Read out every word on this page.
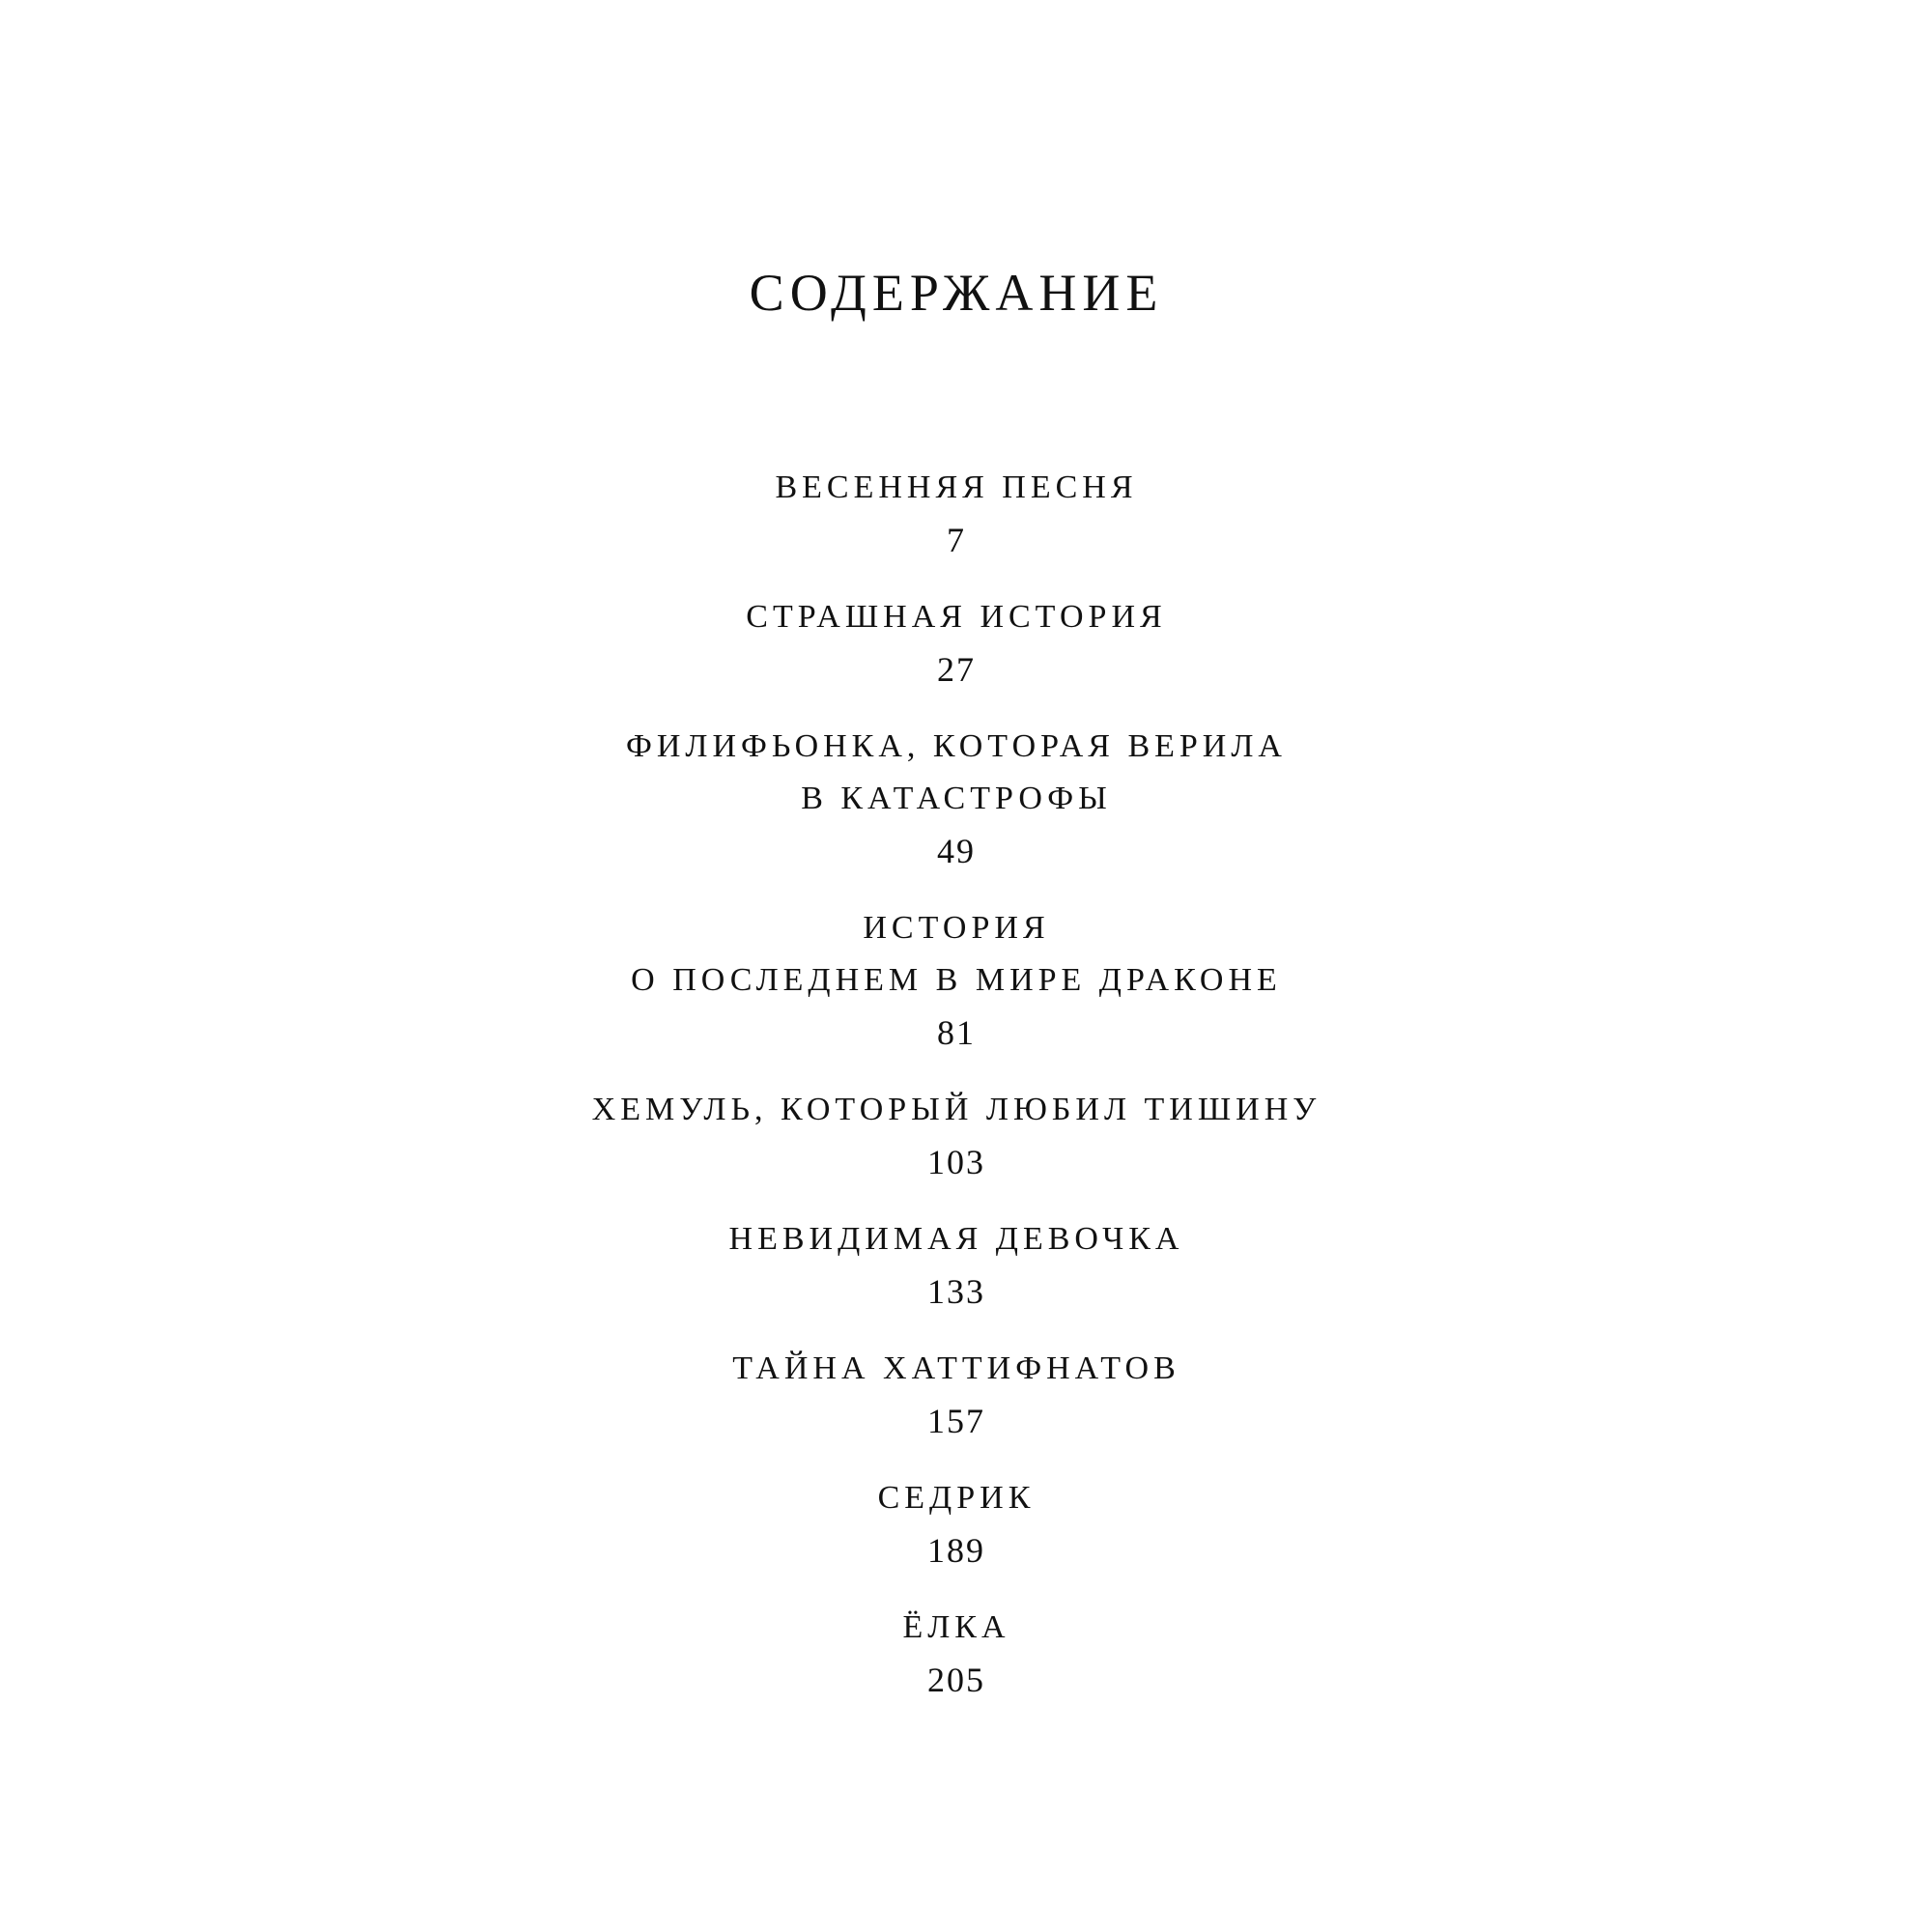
СОДЕРЖАНИЕ
ВЕСЕННЯЯ ПЕСНЯ
7
СТРАШНАЯ ИСТОРИЯ
27
ФИЛИФЬОНКА, КОТОРАЯ ВЕРИЛА
В КАТАСТРОФЫ
49
ИСТОРИЯ
О ПОСЛЕДНЕМ В МИРЕ ДРАКОНЕ
81
ХЕМУЛЬ, КОТОРЫЙ ЛЮБИЛ ТИШИНУ
103
НЕВИДИМАЯ ДЕВОЧКА
133
ТАЙНА ХАТТИФНАТОВ
157
СЕДРИК
189
ЁЛКА
205
